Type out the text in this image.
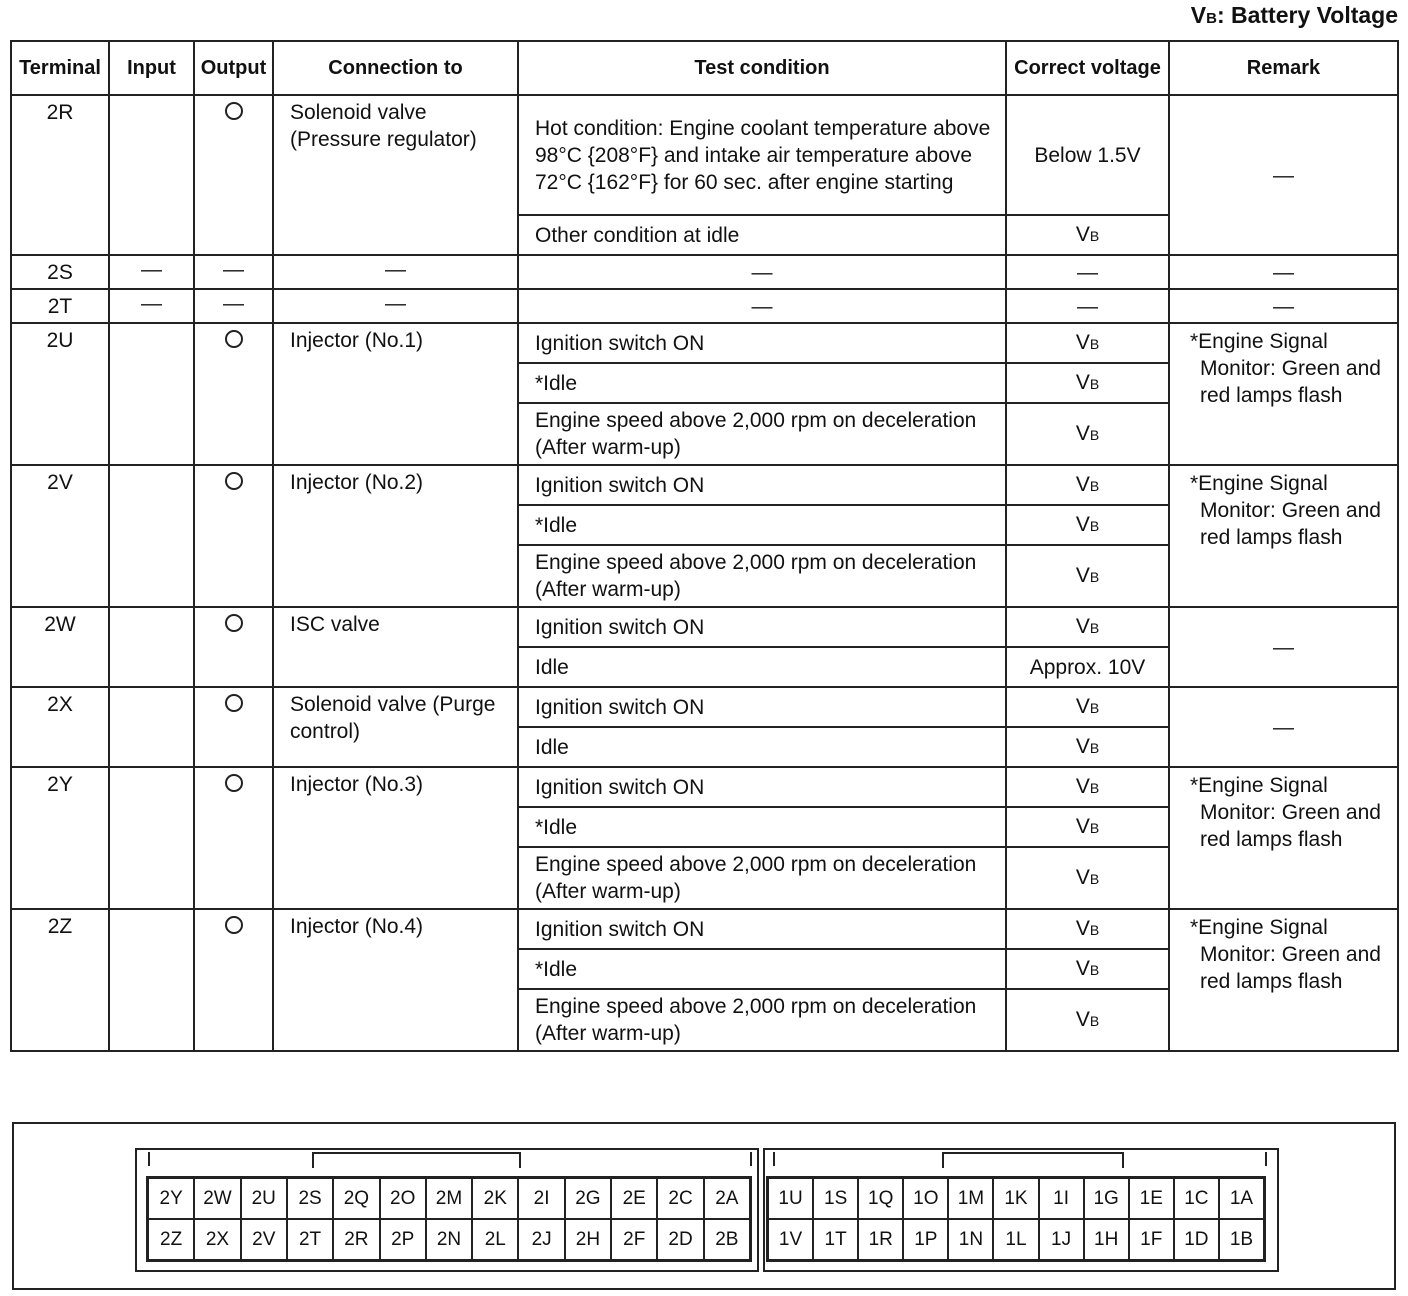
VB: Battery Voltage
Terminal	Input	Output	Connection to	Test condition	Correct voltage	Remark
2R			Solenoid valve (Pressure regulator)	Hot condition: Engine coolant temperature above 98°C {208°F} and intake air temperature above 72°C {162°F} for 60 sec. after engine starting	Below 1.5V	—
				Other condition at idle	VB	
2S	—	—	—	—	—	—
2T	—	—	—	—	—	—
2U			Injector (No.1)	Ignition switch ON	VB	*Engine Signal Monitor: Green and red lamps flash
				*Idle	VB	
				Engine speed above 2,000 rpm on deceleration (After warm-up)	VB	
2V			Injector (No.2)	Ignition switch ON	VB	*Engine Signal Monitor: Green and red lamps flash
				*Idle	VB	
				Engine speed above 2,000 rpm on deceleration (After warm-up)	VB	
2W			ISC valve	Ignition switch ON	VB	—
				Idle	Approx. 10V	
2X			Solenoid valve (Purge control)	Ignition switch ON	VB	—
				Idle	VB	
2Y			Injector (No.3)	Ignition switch ON	VB	*Engine Signal Monitor: Green and red lamps flash
				*Idle	VB	
				Engine speed above 2,000 rpm on deceleration (After warm-up)	VB	
2Z			Injector (No.4)	Ignition switch ON	VB	*Engine Signal Monitor: Green and red lamps flash
				*Idle	VB	
				Engine speed above 2,000 rpm on deceleration (After warm-up)	VB	
2Y	2W	2U	2S	2Q	2O	2M	2K	2I	2G	2E	2C	2A
2Z	2X	2V	2T	2R	2P	2N	2L	2J	2H	2F	2D	2B
1U	1S	1Q	1O	1M	1K	1I	1G	1E	1C	1A
1V	1T	1R	1P	1N	1L	1J	1H	1F	1D	1B
